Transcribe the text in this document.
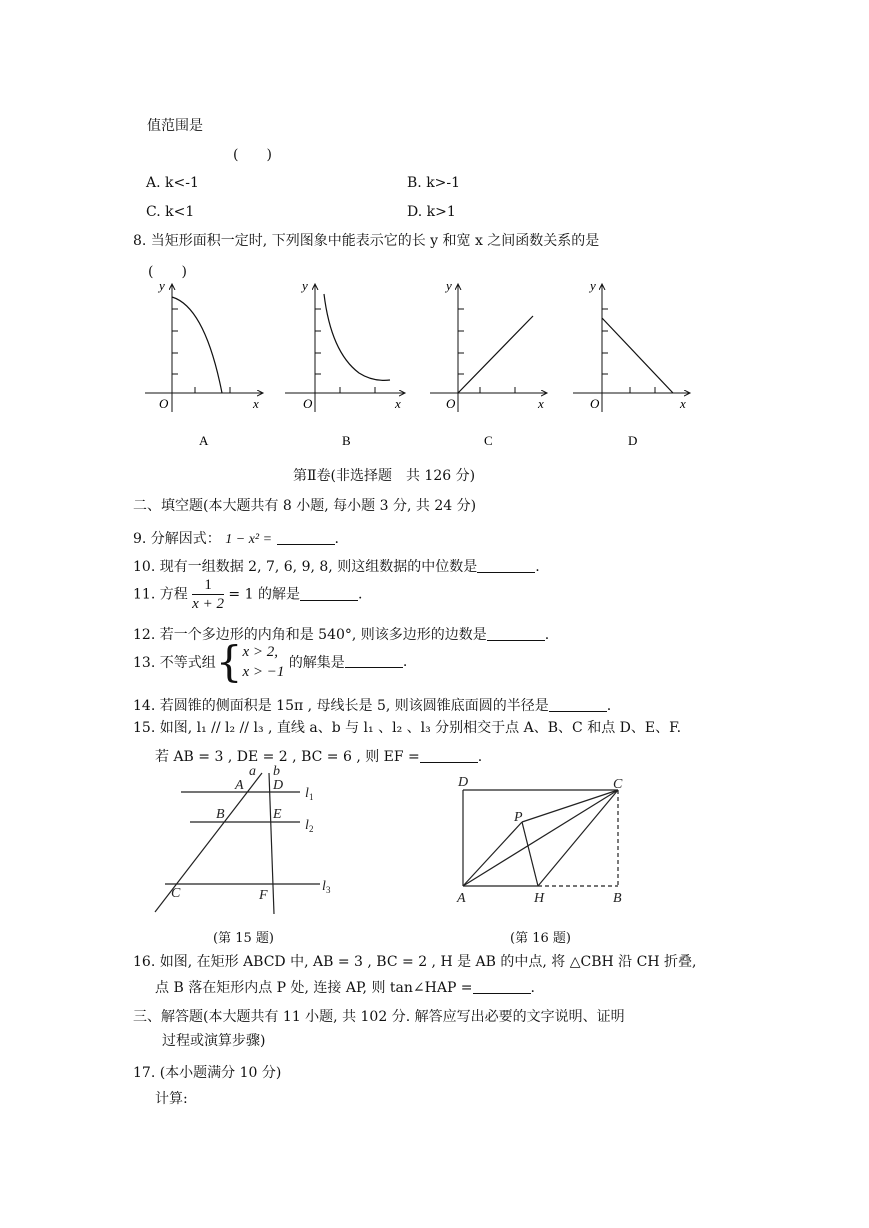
值范围是
(　　)
A. k<-1	B. k>-1
C. k<1	D. k>1
8. 当矩形面积一定时, 下列图象中能表示它的长 y 和宽 x 之间函数关系的是
(　　)
y
x
O
A
y
x
O
B
y
x
O
C
y
x
O
D
第Ⅱ卷(非选择题　共 126 分)
二、填空题(本大题共有 8 小题, 每小题 3 分, 共 24 分)
9. 分解因式： 1 − x² =	.
10. 现有一组数据 2, 7, 6, 9, 8, 则这组数据的中位数是	.
11. 方程 $\frac{1}{x + 2} = 1$ 的解是	.
12. 若一个多边形的内角和是 540°, 则该多边形的边数是	.
13. 不等式组{ x > 2,
x > −1
的解集是	.
14. 若圆锥的侧面积是 15π , 母线长是 5, 则该圆锥底面圆的半径是	.
15. 如图, l₁ // l₂ // l₃ , 直线 a、b 与 l₁ 、l₂ 、l₃ 分别相交于点 A、B、C 和点 D、E、F.
若 AB = 3 , DE = 2 , BC = 6 , 则 EF =	.
A D
B	E
C	F
a b
l
l
l
1
2
3
(第 15 题)
D	C
P
A	H	B
(第 16 题)
16. 如图, 在矩形 ABCD 中, AB = 3 , BC = 2 , H 是 AB 的中点, 将 △CBH 沿 CH 折叠,
点 B 落在矩形内点 P 处, 连接 AP, 则 tan∠HAP =	.
三、解答题(本大题共有 11 小题, 共 102 分. 解答应写出必要的文字说明、证明
过程或演算步骤)
17. (本小题满分 10 分)
计算:
